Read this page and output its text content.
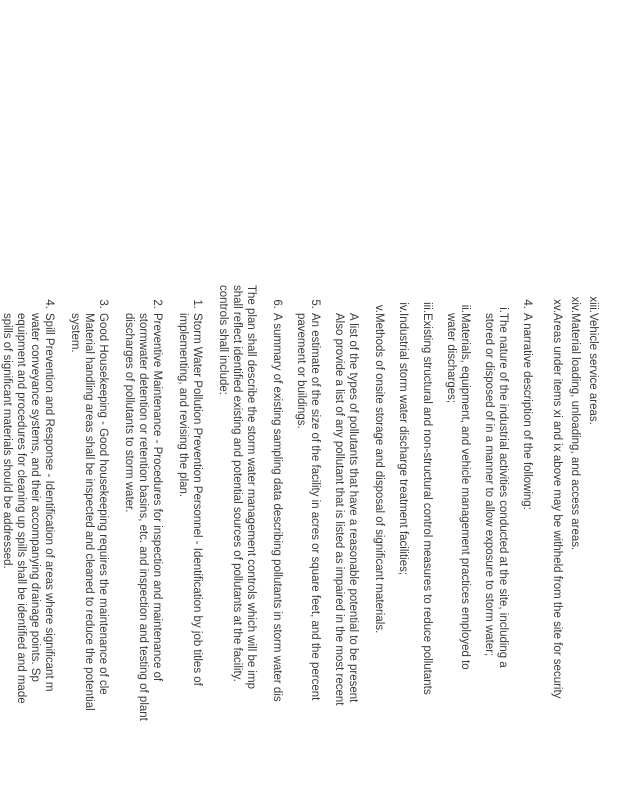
xiii.
Vehicle service areas.
xiv.
Material loading, unloading, and access areas.
xv.
Areas under items xi and ix above may be withheld from the site for security
4.
A narrative description of the following:
i.
The nature of the industrial activities conducted at the site, including a
stored or disposed of in a manner to allow exposure to storm water;
ii.
Materials, equipment, and vehicle management practices employed to
water discharges;
iii.
Existing structural and non-structural control measures to reduce pollutants
iv.
Industrial storm water discharge treatment facilities;
v.
Methods of onsite storage and disposal of significant materials.
A list of the types of pollutants that have a reasonable potential to be present
Also provide a list of any pollutant that is listed as impaired in the most recent
5.
An estimate of the size of the facility in acres or square feet, and the percent
pavement or buildings.
6.
A summary of existing sampling data describing pollutants in storm water dis
The plan shall describe the storm water management controls which will be imp
shall reflect identified existing and potential sources of pollutants at the facility.
controls shall include:
1.
Storm Water Pollution Prevention Personnel - Identification by job titles of
implementing, and revising the plan.
2.
Preventive Maintenance - Procedures for inspection and maintenance of
stormwater detention or retention basins, etc. and inspection and testing of plant
discharges of pollutants to storm water.
3.
Good Housekeeping - Good housekeeping requires the maintenance of cle
Material handling areas shall be inspected and cleaned to reduce the potential
system.
4.
Spill Prevention and Response - Identification of areas where significant m
water conveyance systems, and their accompanying drainage points. Sp
equipment and procedures for cleaning up spills shall be identified and made
spills of significant materials should be addressed.
